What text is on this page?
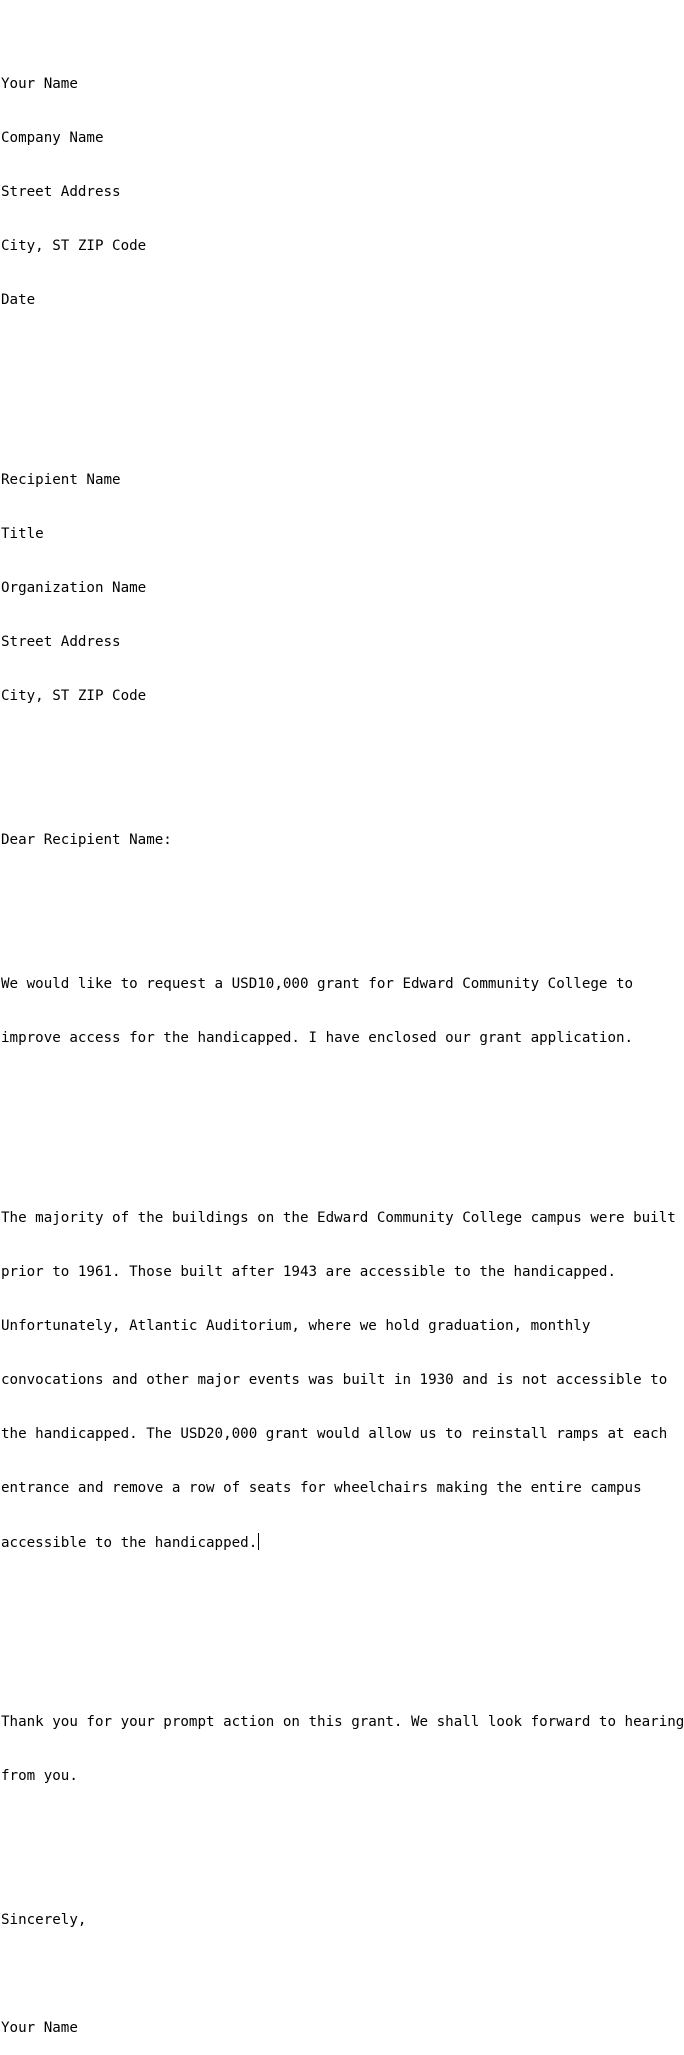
Your Name

Company Name

Street Address

City, ST ZIP Code

Date

Recipient Name

Title

Organization Name

Street Address

City, ST ZIP Code

Dear Recipient Name:

We would like to request a USD10,000 grant for Edward Community College to

improve access for the handicapped. I have enclosed our grant application.

The majority of the buildings on the Edward Community College campus were built

prior to 1961. Those built after 1943 are accessible to the handicapped.

Unfortunately, Atlantic Auditorium, where we hold graduation, monthly

convocations and other major events was built in 1930 and is not accessible to

the handicapped. The USD20,000 grant would allow us to reinstall ramps at each

entrance and remove a row of seats for wheelchairs making the entire campus

accessible to the handicapped.

Thank you for your prompt action on this grant. We shall look forward to hearing

from you.

Sincerely,

Your Name
